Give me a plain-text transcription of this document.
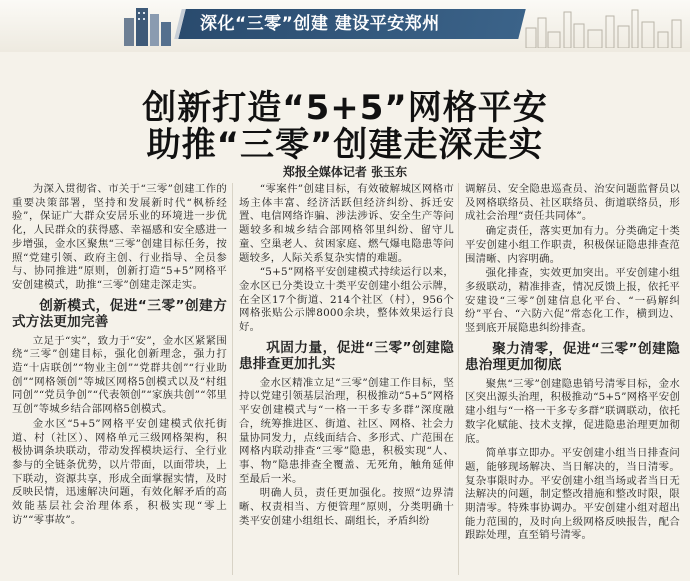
深化“三零”创建 建设平安郑州
创新打造“5+5”网格平安
助推“三零”创建走深走实
郑报全媒体记者 张玉东

为深入贯彻省、市关于“三零”创建工作的重要决策部署，坚持和发展新时代“枫桥经验”，保证广大群众安居乐业的环境进一步优化，人民群众的获得感、幸福感和安全感进一步增强，金水区聚焦“三零”创建目标任务，按照“党建引领、政府主创、行业指导、全员参与、协同推进”原则，创新打造“5+5”网格平安创建模式，助推“三零”创建走深走实。

创新模式，促进“三零”创建方式方法更加完善

立足于“实”，致力于“安”，金水区紧紧围绕“三零”创建目标，强化创新理念，强力打造“十店联创”“物业主创”“党群共创”“行业助创”“网格领创”等城区网格5创模式以及“村组同创”“党员争创”“代表领创”“家族共创”“邻里互创”等城乡结合部网格5创模式。

金水区“5+5”网格平安创建模式依托街道、村（社区）、网格单元三级网格架构，积极协调条块联动，带动发挥模块运行、全行业参与的全链条优势，以片带面，以面带块，上下联动，资源共享，形成全面掌握实情，及时反映民情，迅速解决问题，有效化解矛盾的高效能基层社会治理体系，积极实现“零上访”“零事故”。

“零案件”创建目标，有效破解城区网格市场主体丰富、经济活跃但经济纠纷、拆迁安置、电信网络诈骗、涉法涉诉、安全生产等问题较多和城乡结合部网格邻里纠纷、留守儿童、空巢老人、贫困家庭、燃气爆电隐患等问题较多，人际关系复杂实情的难题。

“5+5”网格平安创建模式持续运行以来，金水区已分类设立十类平安创建小组公示牌，在全区17个街道、214个社区（村），956个网格张贴公示牌8000余块，整体效果运行良好。

巩固力量，促进“三零”创建隐患排查更加扎实

金水区精准立足“三零”创建工作目标，坚持以党建引领基层治理，积极推动“5+5”网格平安创建模式与“一格一干多专多群”深度融合，统筹推进区、街道、社区、网格、社会力量协同发力，点线面结合、多形式、广范围在网格内联动排查“三零”隐患，积极实现“人、事、物”隐患排查全覆盖、无死角，触角延伸至最后一米。

明确人员，责任更加强化。按照“边界清晰、权责相当、方便管理”原则，分类明确十类平安创建小组组长、副组长，矛盾纠纷

调解员、安全隐患巡查员、治安问题监督员以及网格联络员、社区联络员、街道联络员，形成社会治理“责任共同体”。

确定责任，落实更加有力。分类确定十类平安创建小组工作职责，积极保证隐患排查范围清晰、内容明确。

强化排查，实效更加突出。平安创建小组多级联动，精准排查，情况反馈上报，依托平安建设“三零”创建信息化平台、“一码解纠纷”平台、“六防六促”常态化工作，横到边、竖到底开展隐患纠纷排查。

聚力清零，促进“三零”创建隐患治理更加彻底

聚焦“三零”创建隐患销号清零目标，金水区突出源头治理，积极推动“5+5”网格平安创建小组与“一格一干多专多群”联调联动，依托数字化赋能、技术支撑，促进隐患治理更加彻底。

简单事立即办。平安创建小组当日排查问题，能够现场解决、当日解决的，当日清零。复杂事限时办。平安创建小组当场或者当日无法解决的问题，制定整改措施和整改时限，限期清零。特殊事协调办。平安创建小组对超出能力范围的，及时向上级网格反映报告，配合跟踪处理，直至销号清零。
